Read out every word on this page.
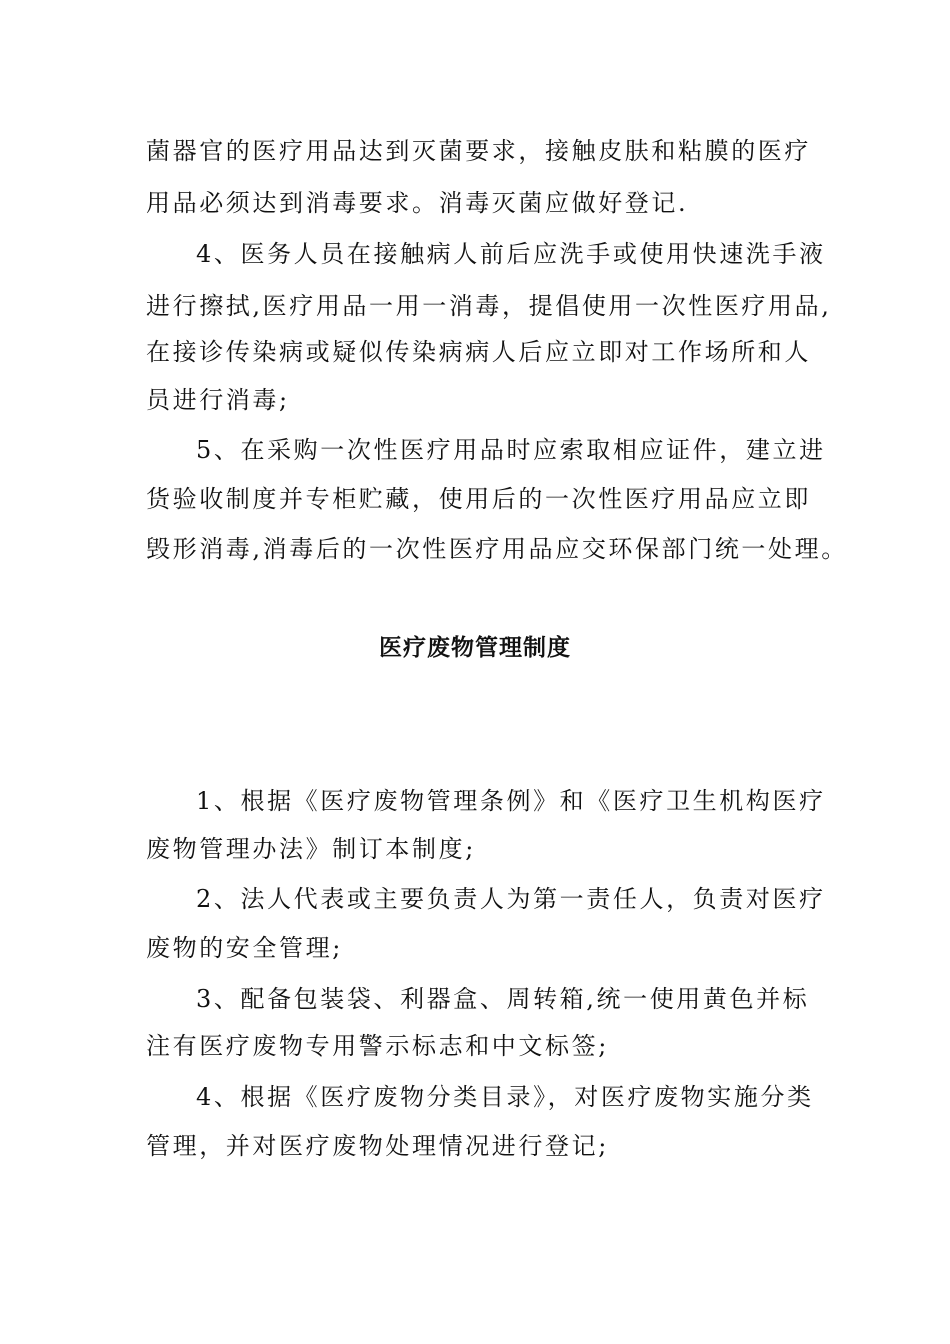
菌器官的医疗用品达到灭菌要求，接触皮肤和粘膜的医疗
用品必须达到消毒要求。消毒灭菌应做好登记.
4、医务人员在接触病人前后应洗手或使用快速洗手液
进行擦拭,医疗用品一用一消毒，提倡使用一次性医疗用品,
在接诊传染病或疑似传染病病人后应立即对工作场所和人
员进行消毒;
5、在采购一次性医疗用品时应索取相应证件，建立进
货验收制度并专柜贮藏，使用后的一次性医疗用品应立即
毁形消毒,消毒后的一次性医疗用品应交环保部门统一处理。
医疗废物管理制度
1、根据《医疗废物管理条例》和《医疗卫生机构医疗
废物管理办法》制订本制度;
2、法人代表或主要负责人为第一责任人，负责对医疗
废物的安全管理;
3、配备包装袋、利器盒、周转箱,统一使用黄色并标
注有医疗废物专用警示标志和中文标签;
4、根据《医疗废物分类目录》，对医疗废物实施分类
管理，并对医疗废物处理情况进行登记;
